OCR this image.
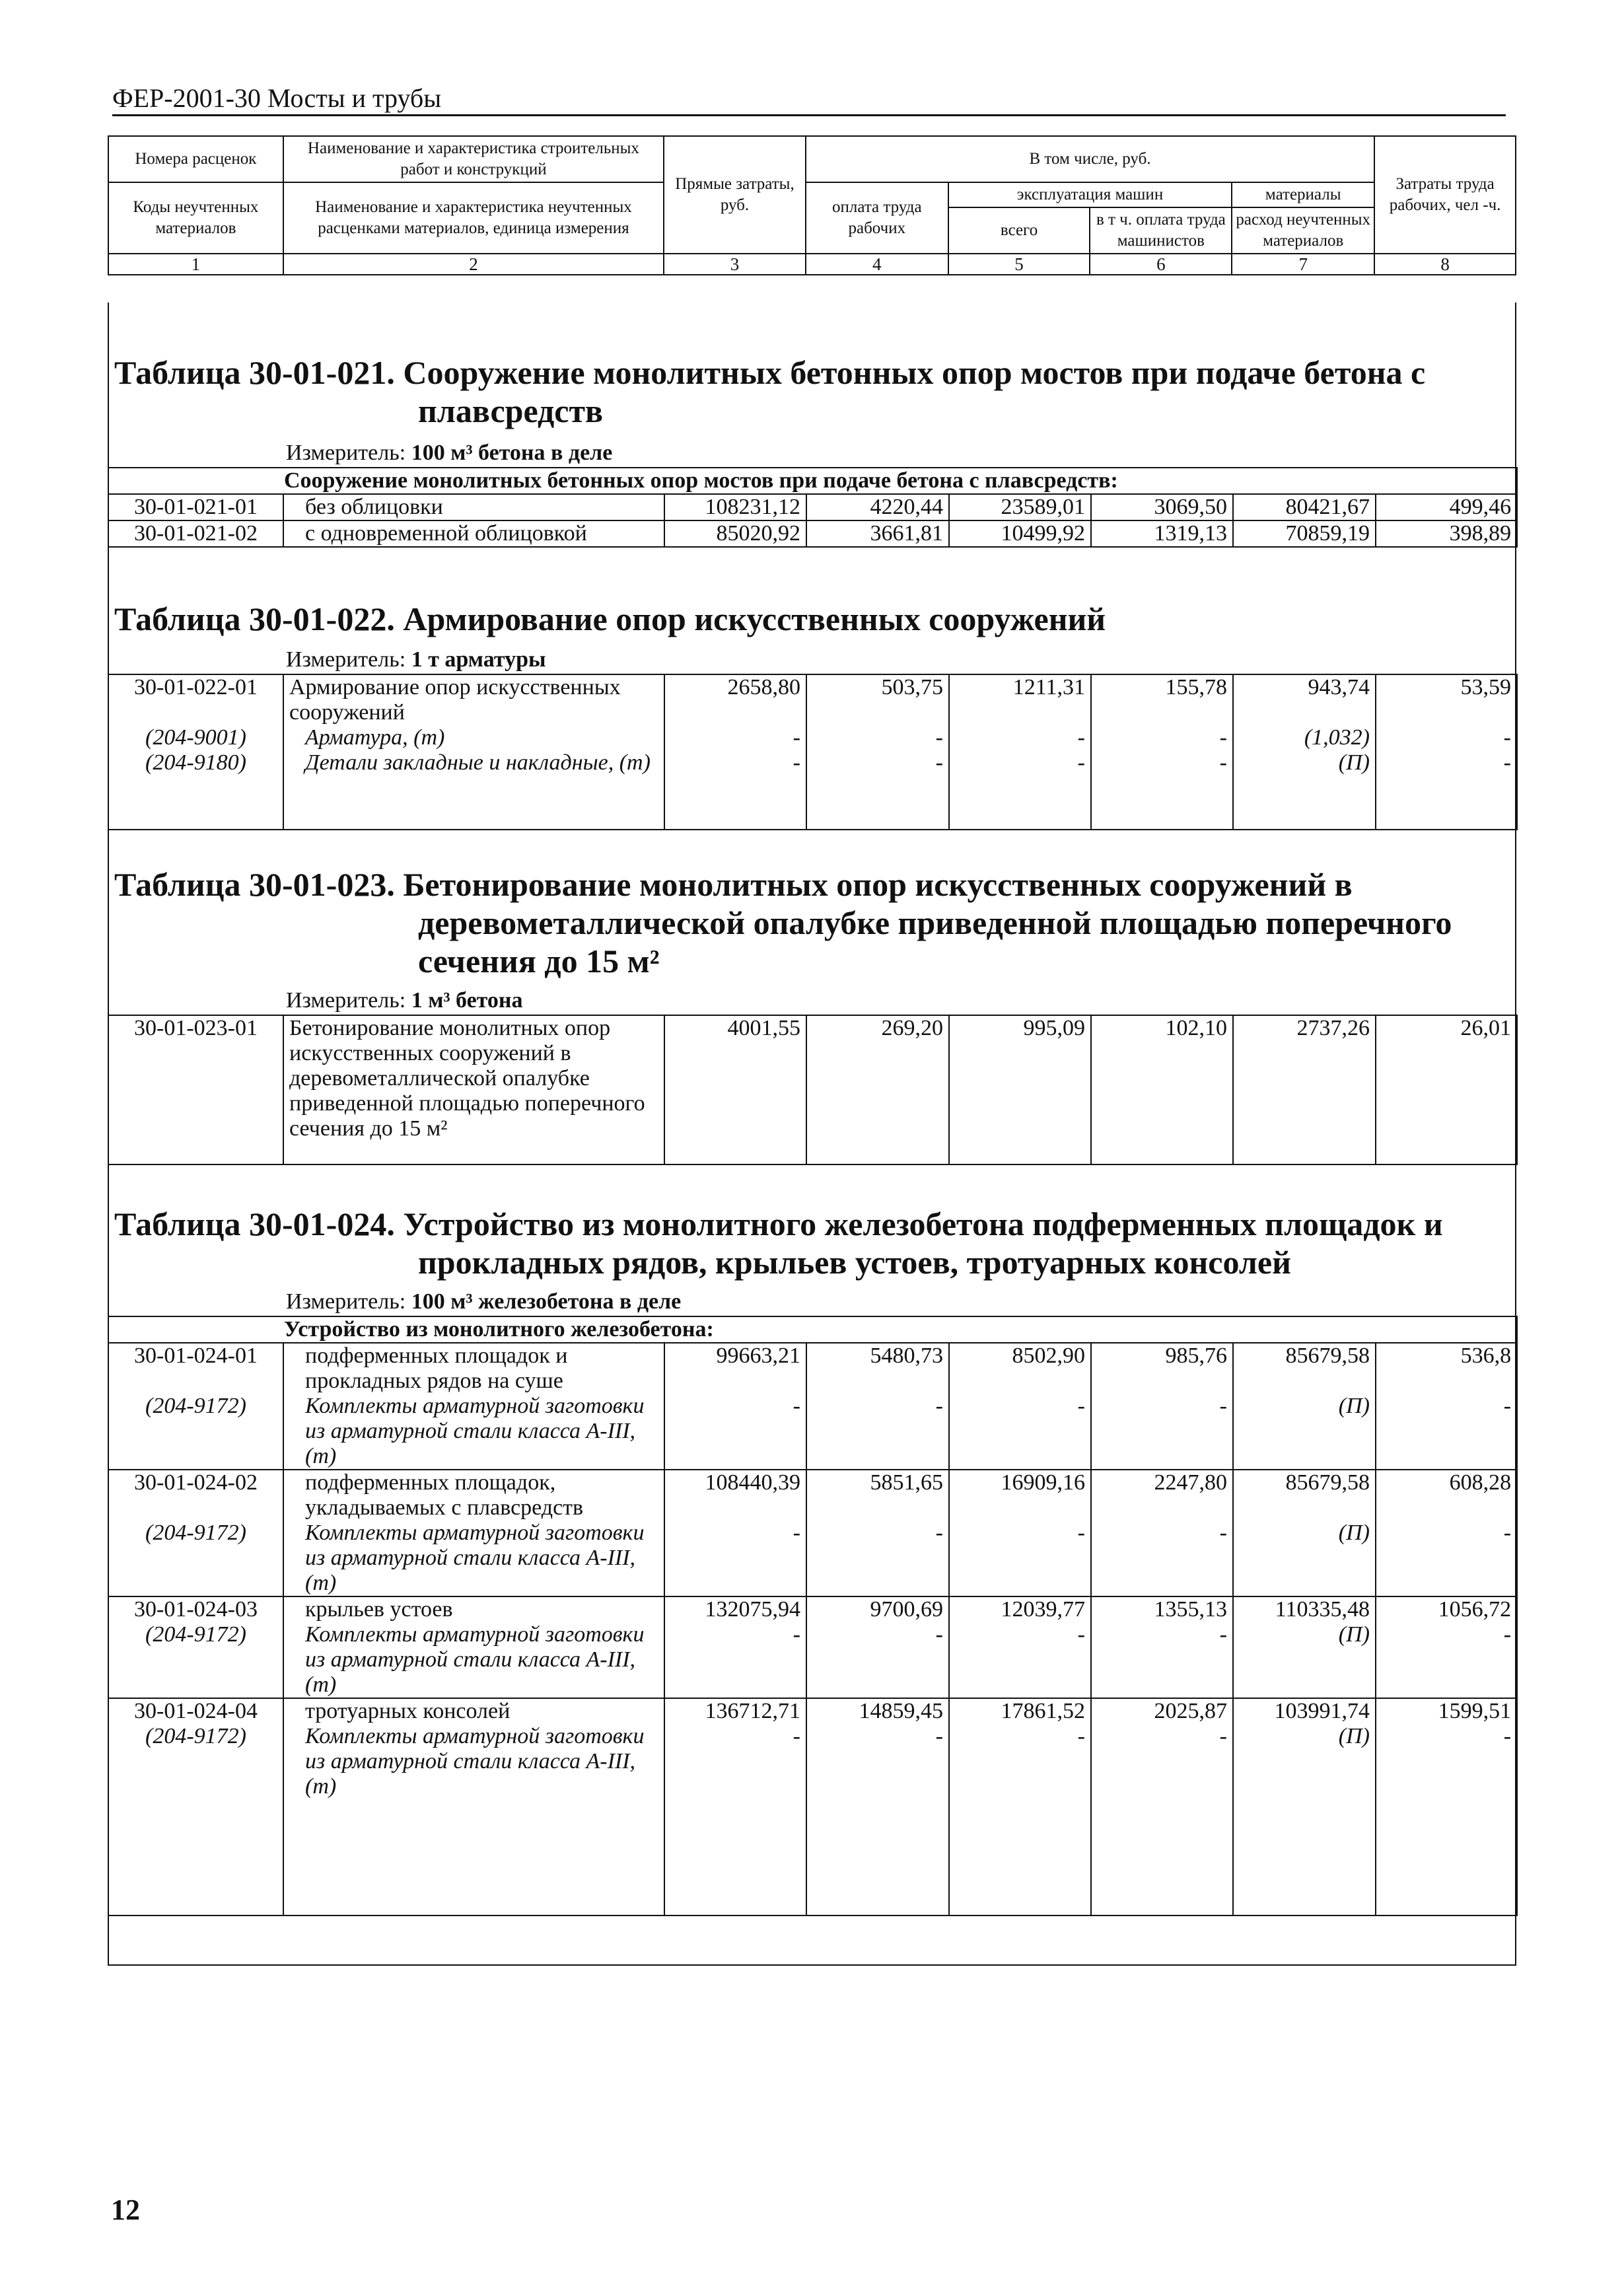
ФЕР-2001-30 Мосты и трубы
Номера расценок	Наименование и характеристика строительных работ и конструкций	Прямые затраты, руб.	В том числе, руб.				Затраты труда рабочих, чел -ч.
Коды неучтенных материалов	Наименование и характеристика неучтенных расценками материалов, единица измерения		оплата труда рабочих	эксплуатация машин		материалы	
				всего	в т ч. оплата труда машинистов	расход неучтенных материалов	
1	2	3	4	5	6	7	8
Таблица 30-01-021. Сооружение монолитных бетонных опор мостов при подаче бетона с
плавсредств
Измеритель: 100 м³ бетона в деле
Сооружение монолитных бетонных опор мостов при подаче бетона с плавсредств:							
30-01-021-01	без облицовки	108231,12	4220,44	23589,01	3069,50	80421,67	499,46
30-01-021-02	с одновременной облицовкой	85020,92	3661,81	10499,92	1319,13	70859,19	398,89
Таблица 30-01-022. Армирование опор искусственных сооружений
Измеритель: 1 т арматуры
30-01-022-01	Армирование опор искусственных сооружений	2658,80	503,75	1211,31	155,78	943,74	53,59
(204-9001)	Арматура, (т)	-	-	-	-	(1,032)	-
(204-9180)	Детали закладные и накладные, (т)	-	-	-	-	(П)	-
Таблица 30-01-023. Бетонирование монолитных опор искусственных сооружений в
деревометаллической опалубке приведенной площадью поперечного
сечения до 15 м²
Измеритель: 1 м³ бетона
30-01-023-01	Бетонирование монолитных опор искусственных сооружений в деревометаллической опалубке приведенной площадью поперечного сечения до 15 м²	4001,55	269,20	995,09	102,10	2737,26	26,01
Таблица 30-01-024. Устройство из монолитного железобетона подферменных площадок и
прокладных рядов, крыльев устоев, тротуарных консолей
Измеритель: 100 м³ железобетона в деле
Устройство из монолитного железобетона:							
30-01-024-01	подферменных площадок и прокладных рядов на суше	99663,21	5480,73	8502,90	985,76	85679,58	536,8
(204-9172)	Комплекты арматурной заготовки из арматурной стали класса А-III, (т)	-	-	-	-	(П)	-
30-01-024-02	подферменных площадок, укладываемых с плавсредств	108440,39	5851,65	16909,16	2247,80	85679,58	608,28
(204-9172)	Комплекты арматурной заготовки из арматурной стали класса А-III, (т)	-	-	-	-	(П)	-
30-01-024-03	крыльев устоев	132075,94	9700,69	12039,77	1355,13	110335,48	1056,72
(204-9172)	Комплекты арматурной заготовки из арматурной стали класса А-III, (т)	-	-	-	-	(П)	-
30-01-024-04	тротуарных консолей	136712,71	14859,45	17861,52	2025,87	103991,74	1599,51
(204-9172)	Комплекты арматурной заготовки из арматурной стали класса А-III, (т)	-	-	-	-	(П)	-
12
